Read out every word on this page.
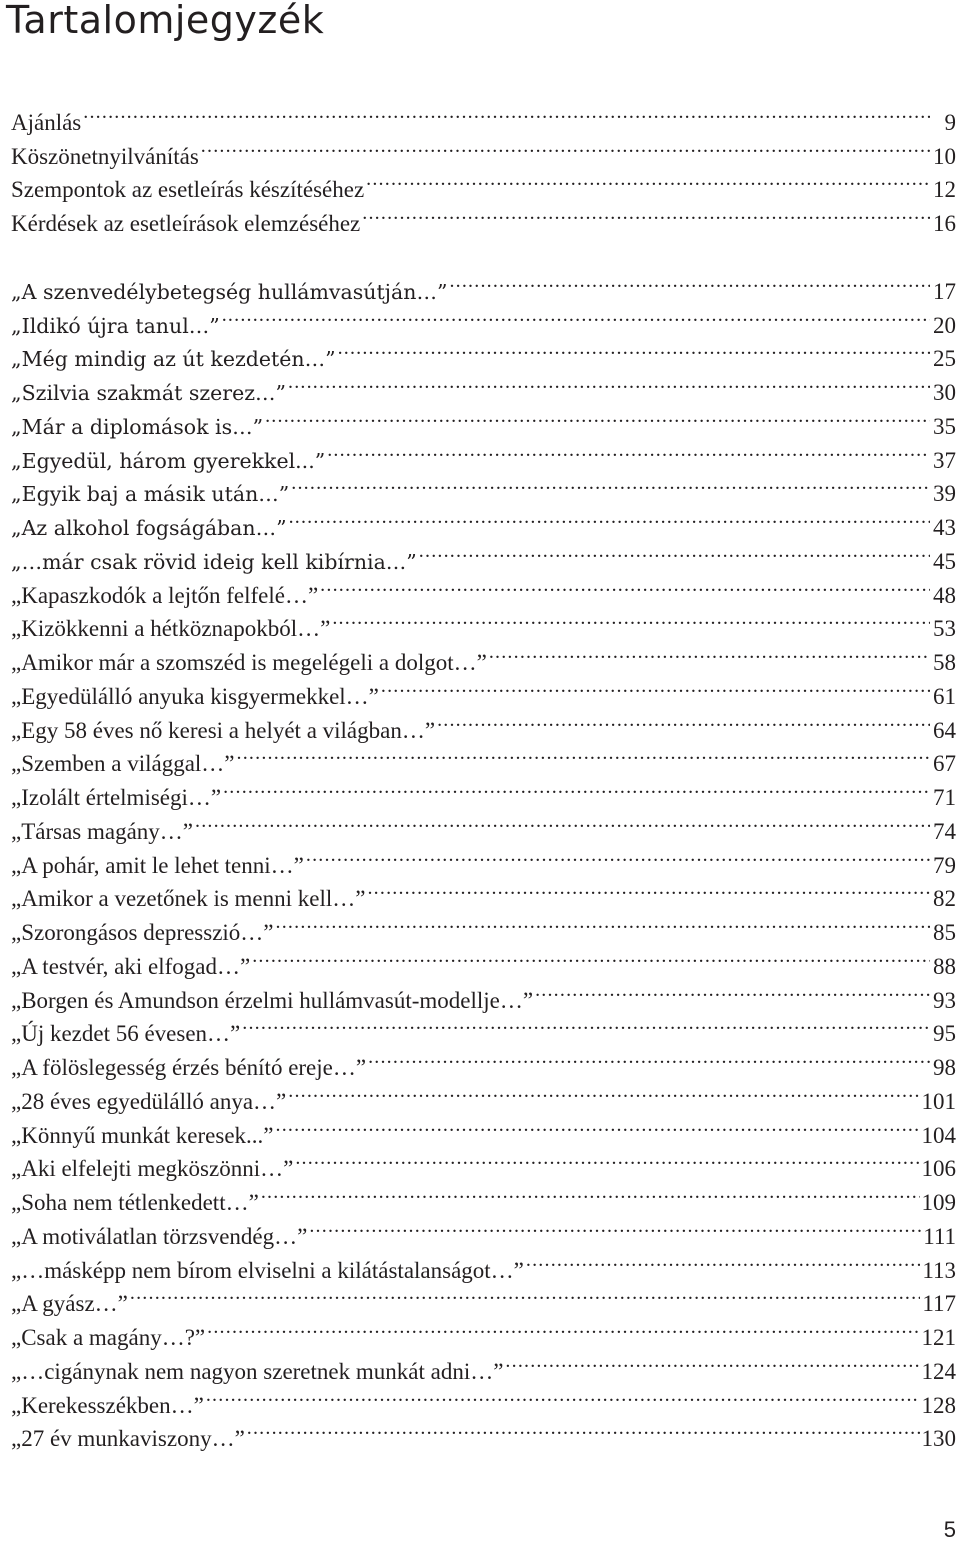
Tartalomjegyzék
Ajánlás .....	9
Köszönetnyilvánítás .....	10
Szempontok az esetleírás készítéséhez .....	12
Kérdések az esetleírások elemzéséhez .....	16
„A szenvedélybetegség hullámvasútján…” .....	17
„Ildikó újra tanul…” .....	20
„Még mindig az út kezdetén…” .....	25
„Szilvia szakmát szerez…” .....	30
„Már a diplomások is…” .....	35
„Egyedül, három gyerekkel...” .....	37
„Egyik baj a másik után…” .....	39
„Az alkohol fogságában…” .....	43
„…már csak rövid ideig kell kibírnia…” .....	45
„Kapaszkodók a lejtőn felfelé…” .....	48
„Kizökkenni a hétköznapokból…” .....	53
„Amikor már a szomszéd is megelégeli a dolgot…” .....	58
„Egyedülálló anyuka kisgyermekkel…” .....	61
„Egy 58 éves nő keresi a helyét a világban…” .....	64
„Szemben a világgal…” .....	67
„Izolált értelmiségi…” .....	71
„Társas magány…” .....	74
„A pohár, amit le lehet tenni…” .....	79
„Amikor a vezetőnek is menni kell…” .....	82
„Szorongásos depresszió…” .....	85
„A testvér, aki elfogad…” .....	88
„Borgen és Amundson érzelmi hullámvasút-modellje…” .....	93
„Új kezdet 56 évesen…” .....	95
„A fölöslegesség érzés bénító ereje…” .....	98
„28 éves egyedülálló anya…” .....	101
„Könnyű munkát keresek...” .....	104
„Aki elfelejti megköszönni…” .....	106
„Soha nem tétlenkedett…” .....	109
„A motiválatlan törzsvendég…” .....	111
„…másképp nem bírom elviselni a kilátástalanságot…” .....	113
„A gyász…” .....	117
„Csak a magány…?” .....	121
„…cigánynak nem nagyon szeretnek munkát adni…” .....	124
„Kerekesszékben…” .....	128
„27 év munkaviszony…” .....	130
5
